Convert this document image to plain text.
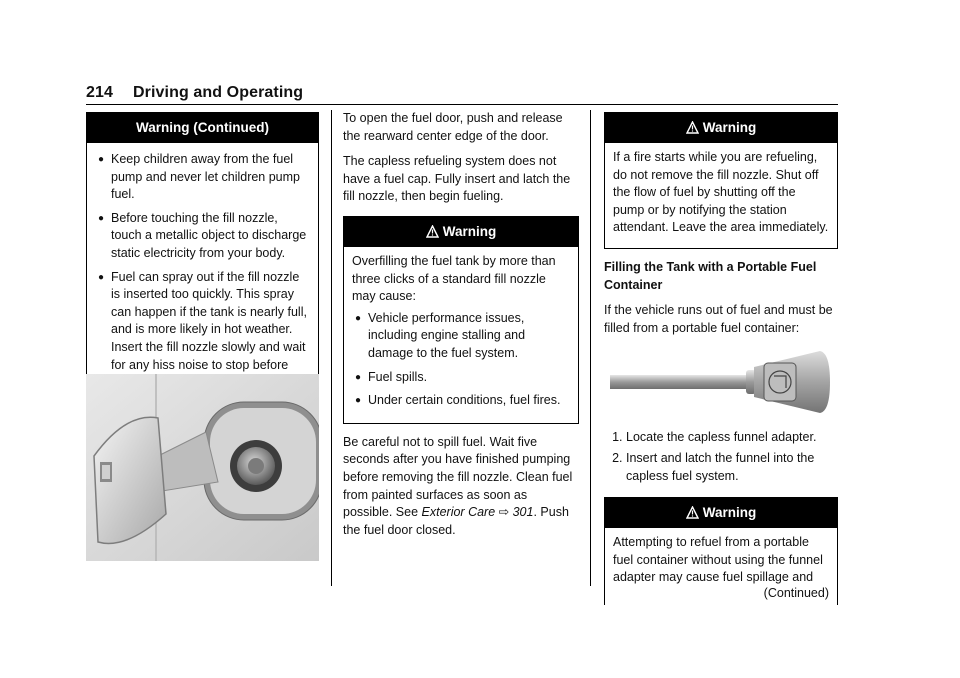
214 Driving and Operating
Warning (Continued)
● Keep children away from the fuel pump and never let children pump fuel.
● Before touching the fill nozzle, touch a metallic object to discharge static electricity from your body.
● Fuel can spray out if the fill nozzle is inserted too quickly. This spray can happen if the tank is nearly full, and is more likely in hot weather. Insert the fill nozzle slowly and wait for any hiss noise to stop before

To open the fuel door, push and release the rearward center edge of the door.

The capless refueling system does not have a fuel cap. Fully insert and latch the fill nozzle, then begin fueling.

Warning

Overfilling the fuel tank by more than three clicks of a standard fill nozzle may cause:

● Vehicle performance issues, including engine stalling and damage to the fuel system.
● Fuel spills.
● Under certain conditions, fuel fires.

Be careful not to spill fuel. Wait five seconds after you have finished pumping before removing the fill nozzle. Clean fuel from painted surfaces as soon as possible. See Exterior Care ⇨ 301. Push the fuel door closed.

Warning

If a fire starts while you are refueling, do not remove the fill nozzle. Shut off the flow of fuel by shutting off the pump or by notifying the station attendant. Leave the area immediately.

Filling the Tank with a Portable Fuel Container

If the vehicle runs out of fuel and must be filled from a portable fuel container:

1. Locate the capless funnel adapter.
2. Insert and latch the funnel into the capless fuel system.
Warning

Attempting to refuel from a portable fuel container without using the funnel adapter may cause fuel spillage and

(Continued)
